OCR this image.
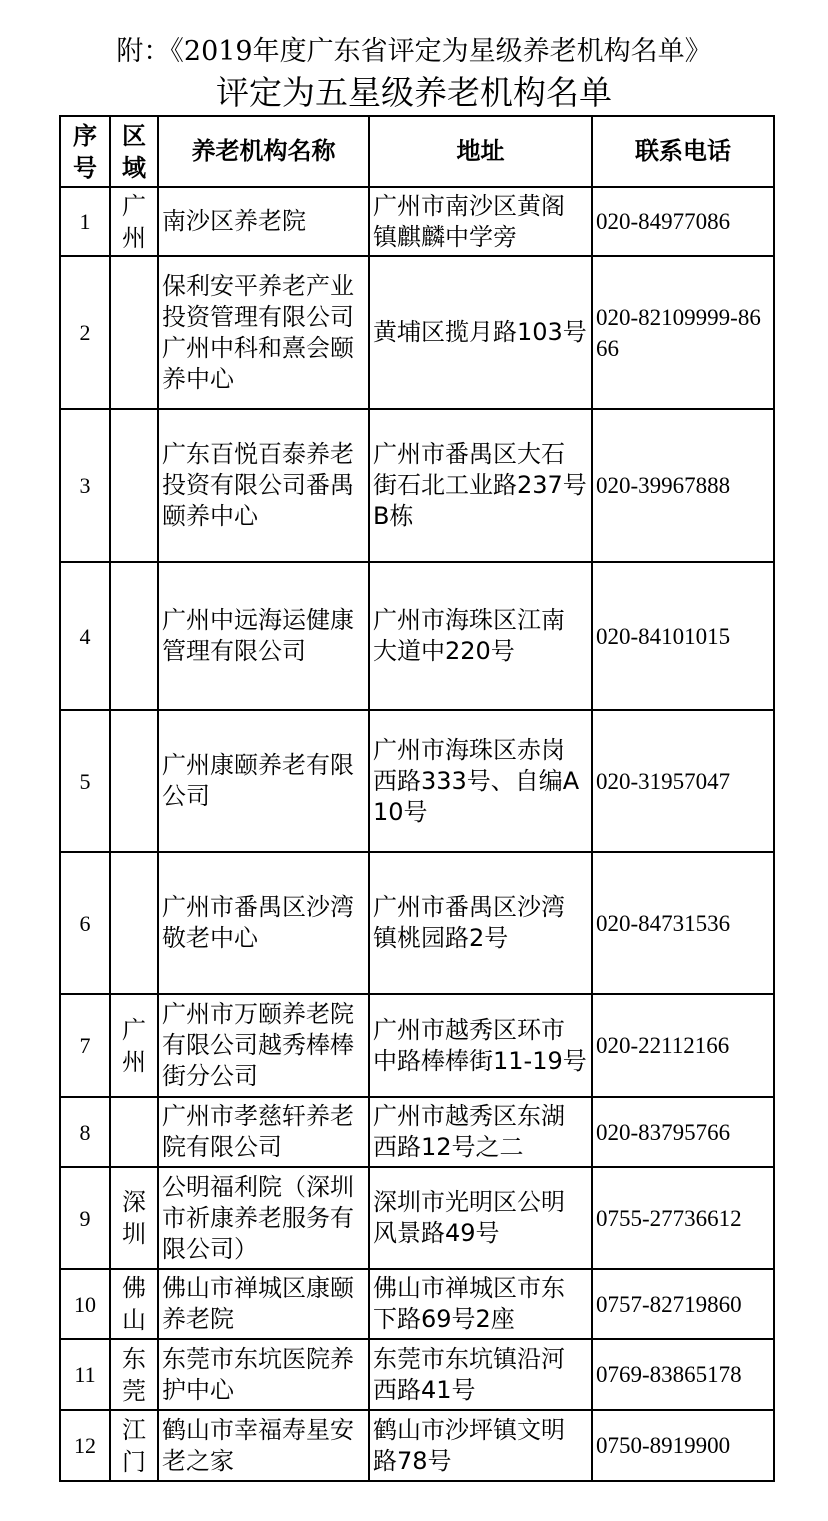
附：《2019年度广东省评定为星级养老机构名单》
评定为五星级养老机构名单
序号	区域	养老机构名称	地址	联系电话
1	广州	南沙区养老院	广州市南沙区黄阁镇麒麟中学旁	020-84977086
2		保利安平养老产业投资管理有限公司广州中科和熹会颐养中心	黄埔区揽月路103号	020-82109999-8666
3		广东百悦百泰养老投资有限公司番禺颐养中心	广州市番禺区大石街石北工业路237号B栋	020-39967888
4		广州中远海运健康管理有限公司	广州市海珠区江南大道中220号	020-84101015
5		广州康颐养老有限公司	广州市海珠区赤岗西路333号、自编A10号	020-31957047
6		广州市番禺区沙湾敬老中心	广州市番禺区沙湾镇桃园路2号	020-84731536
7	广州	广州市万颐养老院有限公司越秀棒棒街分公司	广州市越秀区环市中路棒棒街11-19号	020-22112166
8		广州市孝慈轩养老院有限公司	广州市越秀区东湖西路12号之二	020-83795766
9	深圳	公明福利院（深圳市祈康养老服务有限公司）	深圳市光明区公明风景路49号	0755-27736612
10	佛山	佛山市禅城区康颐养老院	佛山市禅城区市东下路69号2座	0757-82719860
11	东莞	东莞市东坑医院养护中心	东莞市东坑镇沿河西路41号	0769-83865178
12	江门	鹤山市幸福寿星安老之家	鹤山市沙坪镇文明路78号	0750-8919900
